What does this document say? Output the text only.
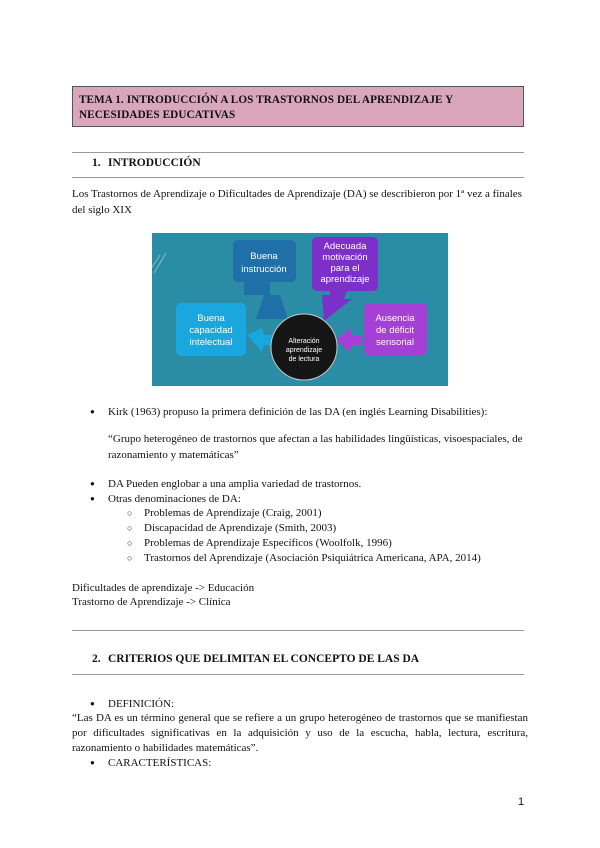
TEMA 1. INTRODUCCIÓN A LOS TRASTORNOS DEL APRENDIZAJE Y
NECESIDADES EDUCATIVAS
1. INTRODUCCIÓN
Los Trastornos de Aprendizaje o Dificultades de Aprendizaje (DA) se describieron por 1ª vez a finales del siglo XIX
Buena
instrucción
Adecuada
motivación
para el
aprendizaje
Buena
capacidad
intelectual
Ausencia
de déficit
sensorial
Alteración
aprendizaje
de lectura
● Kirk (1963) propuso la primera definición de las DA (en inglés Learning Disabilities):
“Grupo heterogéneo de trastornos que afectan a las habilidades lingüísticas, visoespaciales, de razonamiento y matemáticas”
● DA Pueden englobar a una amplia variedad de trastornos.
● Otras denominaciones de DA:
○ Problemas de Aprendizaje (Craig, 2001)
○ Discapacidad de Aprendizaje (Smith, 2003)
○ Problemas de Aprendizaje Específicos (Woolfolk, 1996)
○ Trastornos del Aprendizaje (Asociación Psiquiátrica Americana, APA, 2014)
Dificultades de aprendizaje -> Educación
Trastorno de Aprendizaje -> Clínica
2. CRITERIOS QUE DELIMITAN EL CONCEPTO DE LAS DA
● DEFINICIÓN:
“Las DA es un término general que se refiere a un grupo heterogéneo de trastornos que se manifiestan por dificultades significativas en la adquisición y uso de la escucha, habla, lectura, escritura, razonamiento o habilidades matemáticas”.
● CARACTERÍSTICAS:
1
